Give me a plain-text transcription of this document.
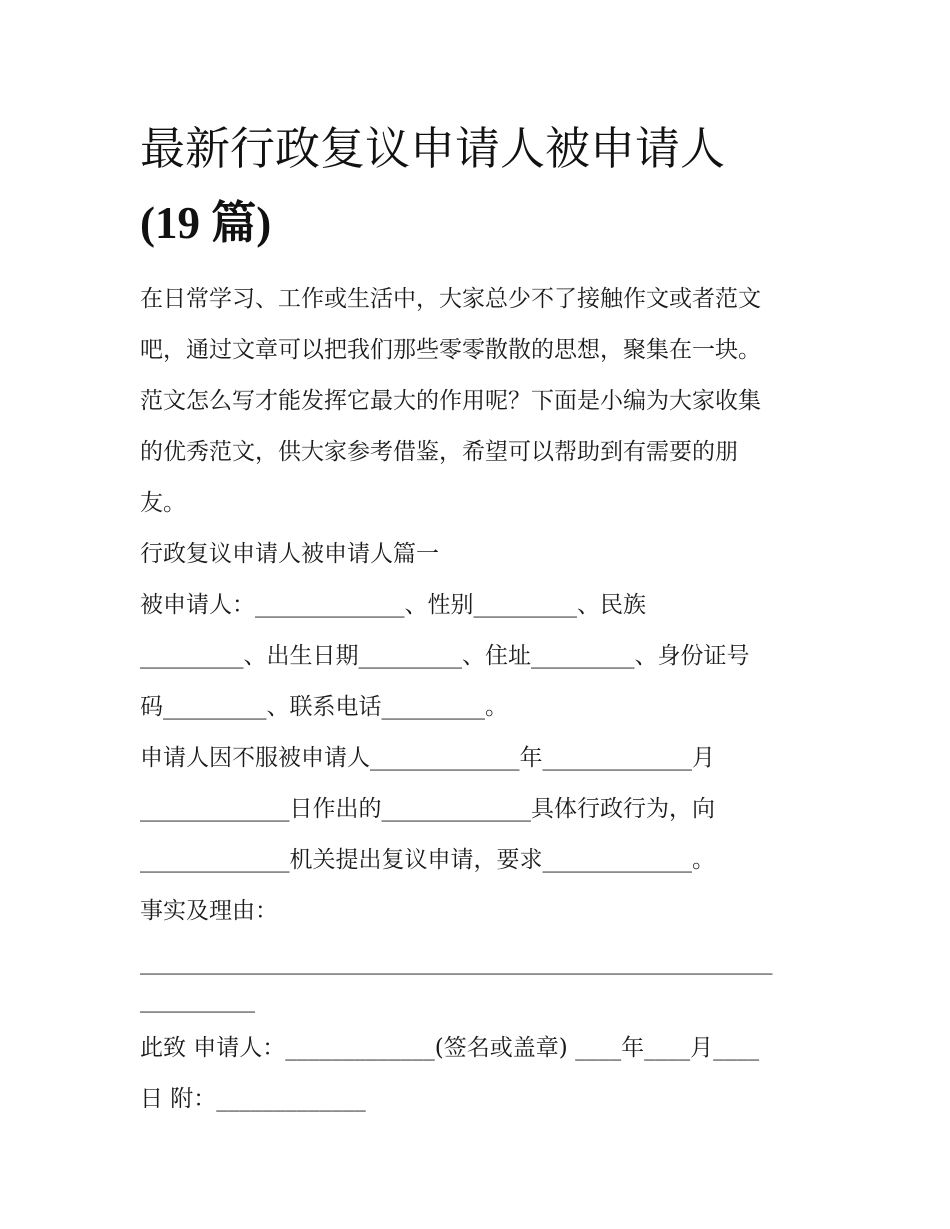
最新行政复议申请人被申请人
(19 篇)
在日常学习、工作或生活中，大家总少不了接触作文或者范文
吧，通过文章可以把我们那些零零散散的思想，聚集在一块。
范文怎么写才能发挥它最大的作用呢？下面是小编为大家收集
的优秀范文，供大家参考借鉴，希望可以帮助到有需要的朋
友。
行政复议申请人被申请人篇一
被申请人：_____________、性别_________、民族
_________、出生日期_________、住址_________、身份证号
码_________、联系电话_________。
申请人因不服被申请人_____________年_____________月
_____________日作出的_____________具体行政行为，向
_____________机关提出复议申请，要求_____________。
事实及理由：
_______________________________________________________
__________
此致 申请人：_____________(签名或盖章) ____年____月____
日 附：_____________
